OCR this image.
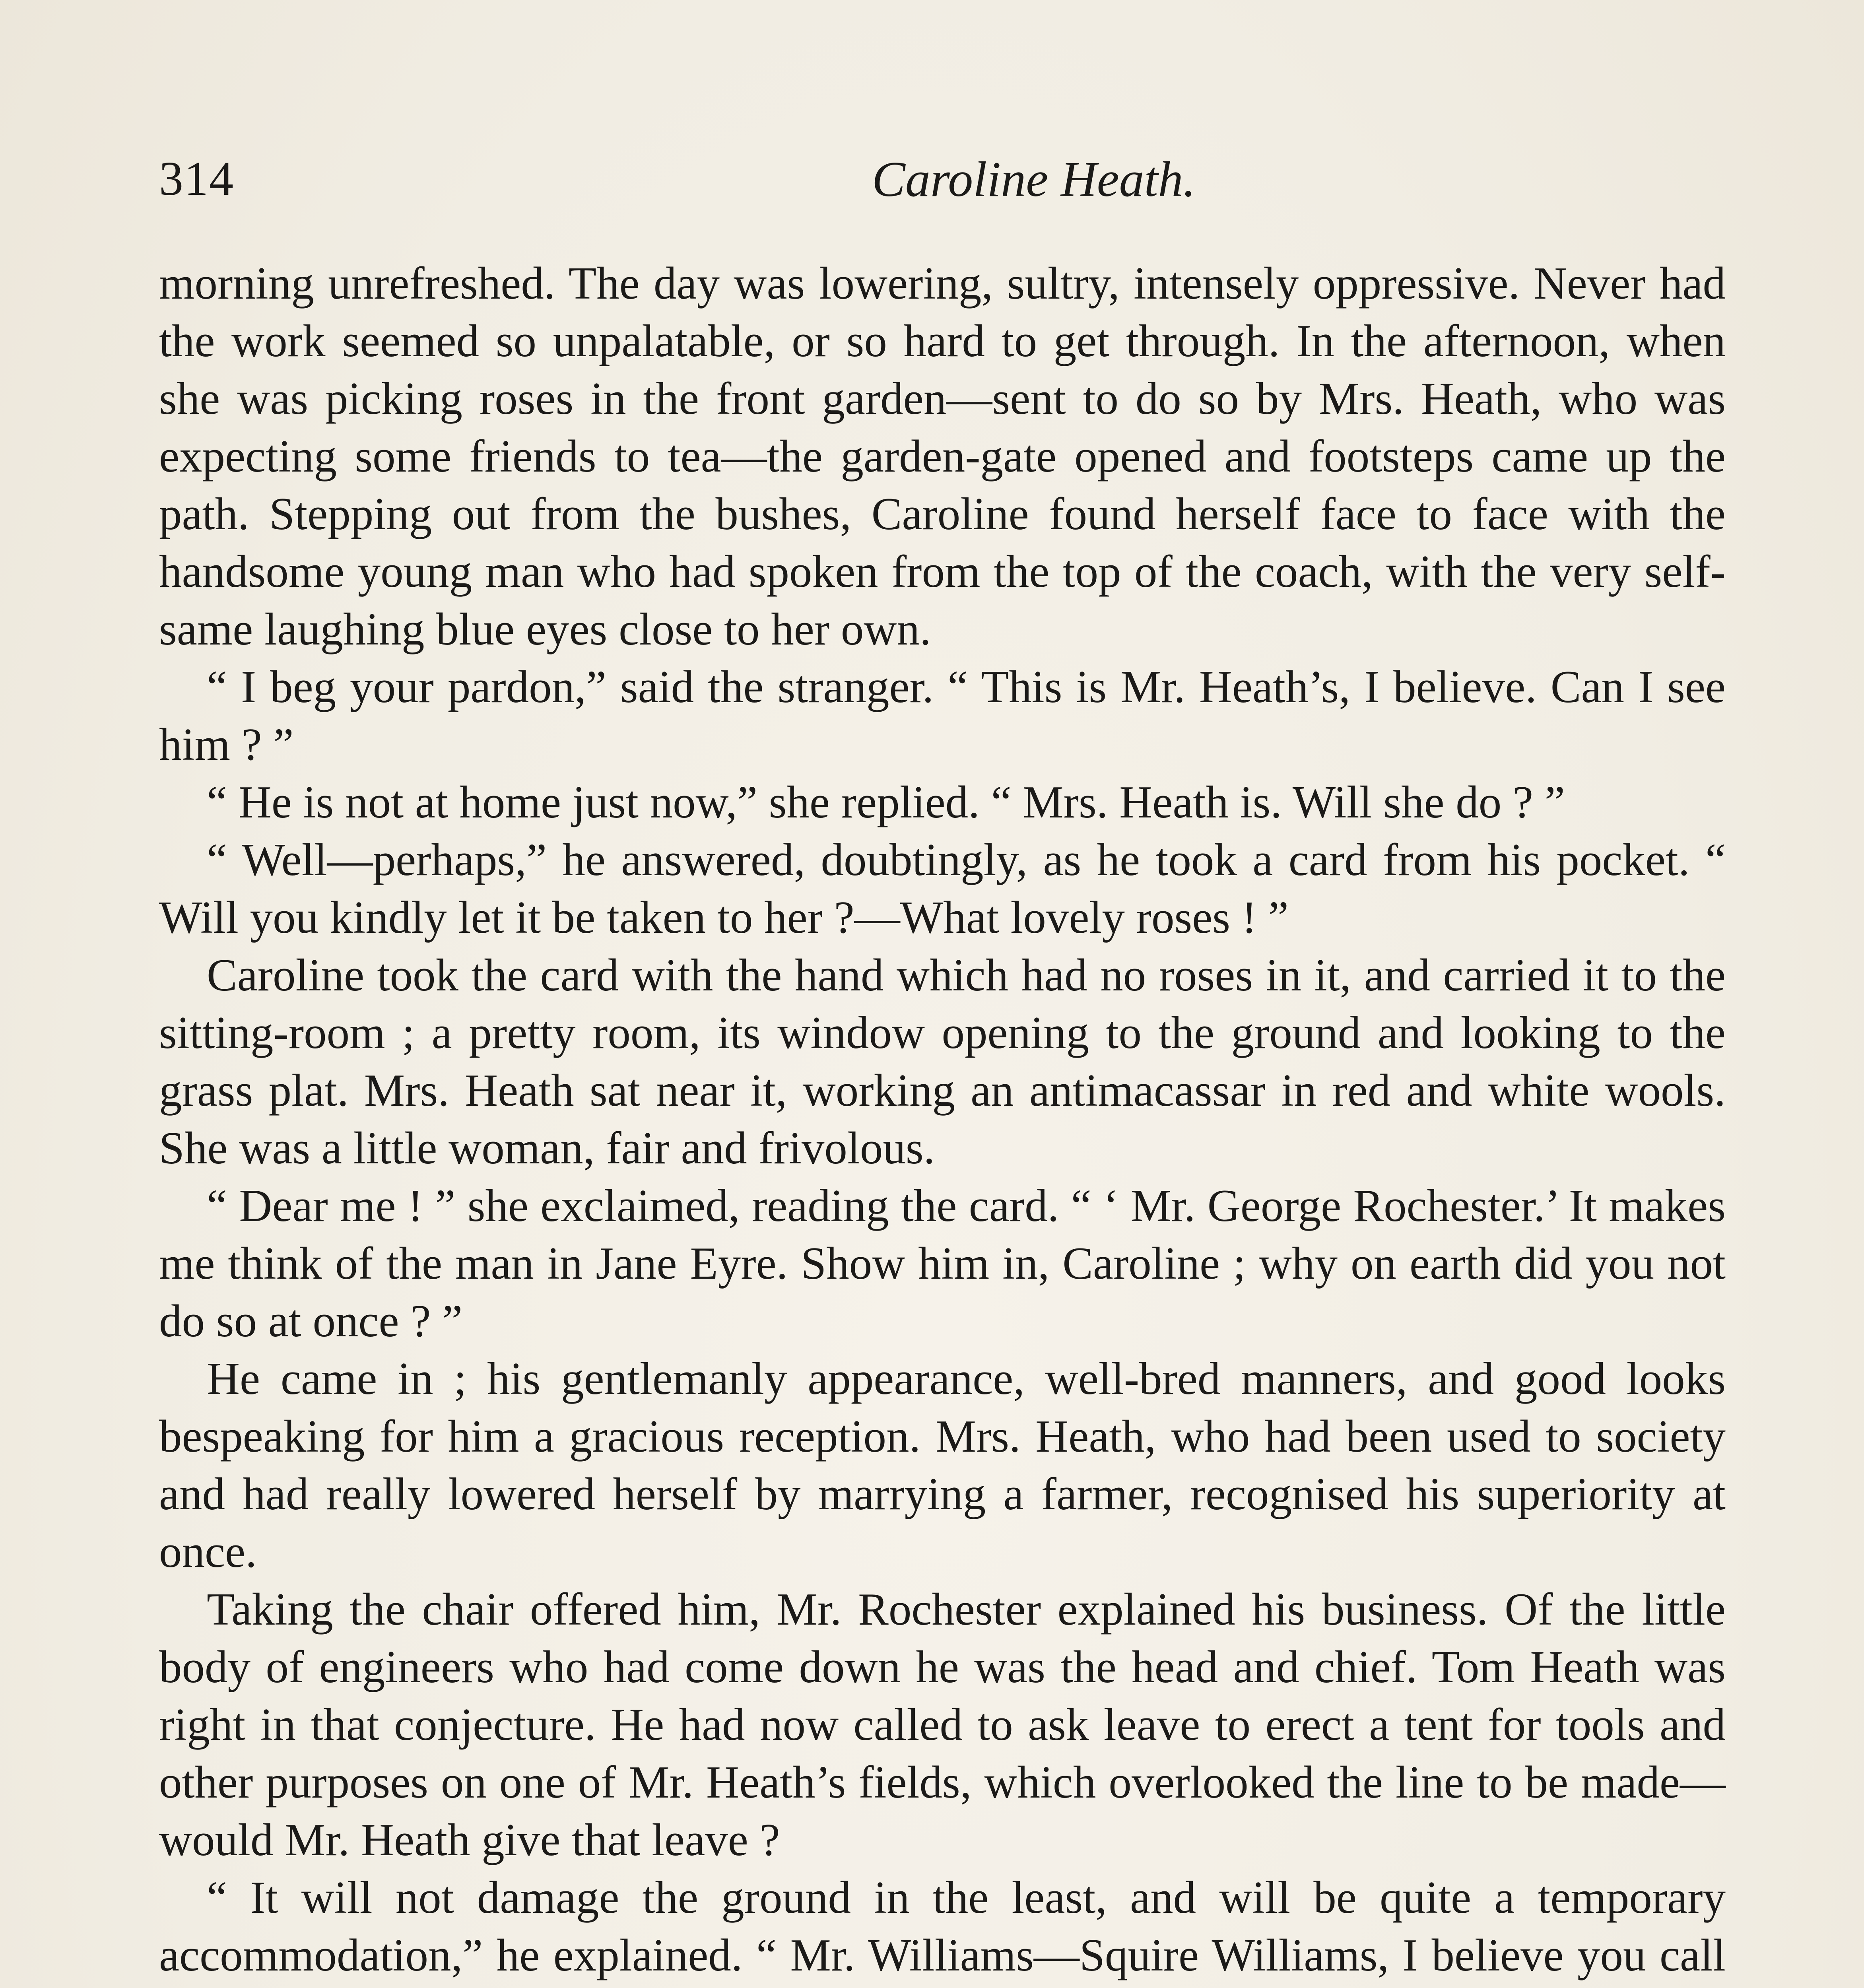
314	Caroline Heath.

morning unrefreshed. The day was lowering, sultry, intensely oppressive. Never had the work seemed so unpalatable, or so hard to get through. In the afternoon, when she was picking roses in the front garden—sent to do so by Mrs. Heath, who was expecting some friends to tea—the garden-gate opened and footsteps came up the path. Stepping out from the bushes, Caroline found herself face to face with the handsome young man who had spoken from the top of the coach, with the very self-same laughing blue eyes close to her own.

“ I beg your pardon,” said the stranger. “ This is Mr. Heath’s, I believe. Can I see him ? ”

“ He is not at home just now,” she replied. “ Mrs. Heath is. Will she do ? ”

“ Well—perhaps,” he answered, doubtingly, as he took a card from his pocket. “ Will you kindly let it be taken to her ?—What lovely roses ! ”

Caroline took the card with the hand which had no roses in it, and carried it to the sitting-room ; a pretty room, its window opening to the ground and looking to the grass plat. Mrs. Heath sat near it, working an antimacassar in red and white wools. She was a little woman, fair and frivolous.

“ Dear me ! ” she exclaimed, reading the card. “ ‘ Mr. George Rochester.’ It makes me think of the man in Jane Eyre. Show him in, Caroline ; why on earth did you not do so at once ? ”

He came in ; his gentlemanly appearance, well-bred manners, and good looks bespeaking for him a gracious reception. Mrs. Heath, who had been used to society and had really lowered herself by marrying a farmer, recognised his superiority at once.

Taking the chair offered him, Mr. Rochester explained his business. Of the little body of engineers who had come down he was the head and chief. Tom Heath was right in that conjecture. He had now called to ask leave to erect a tent for tools and other purposes on one of Mr. Heath’s fields, which overlooked the line to be made—would Mr. Heath give that leave ?

“ It will not damage the ground in the least, and will be quite a temporary accommodation,” he explained. “ Mr. Williams—Squire Williams, I believe you call
